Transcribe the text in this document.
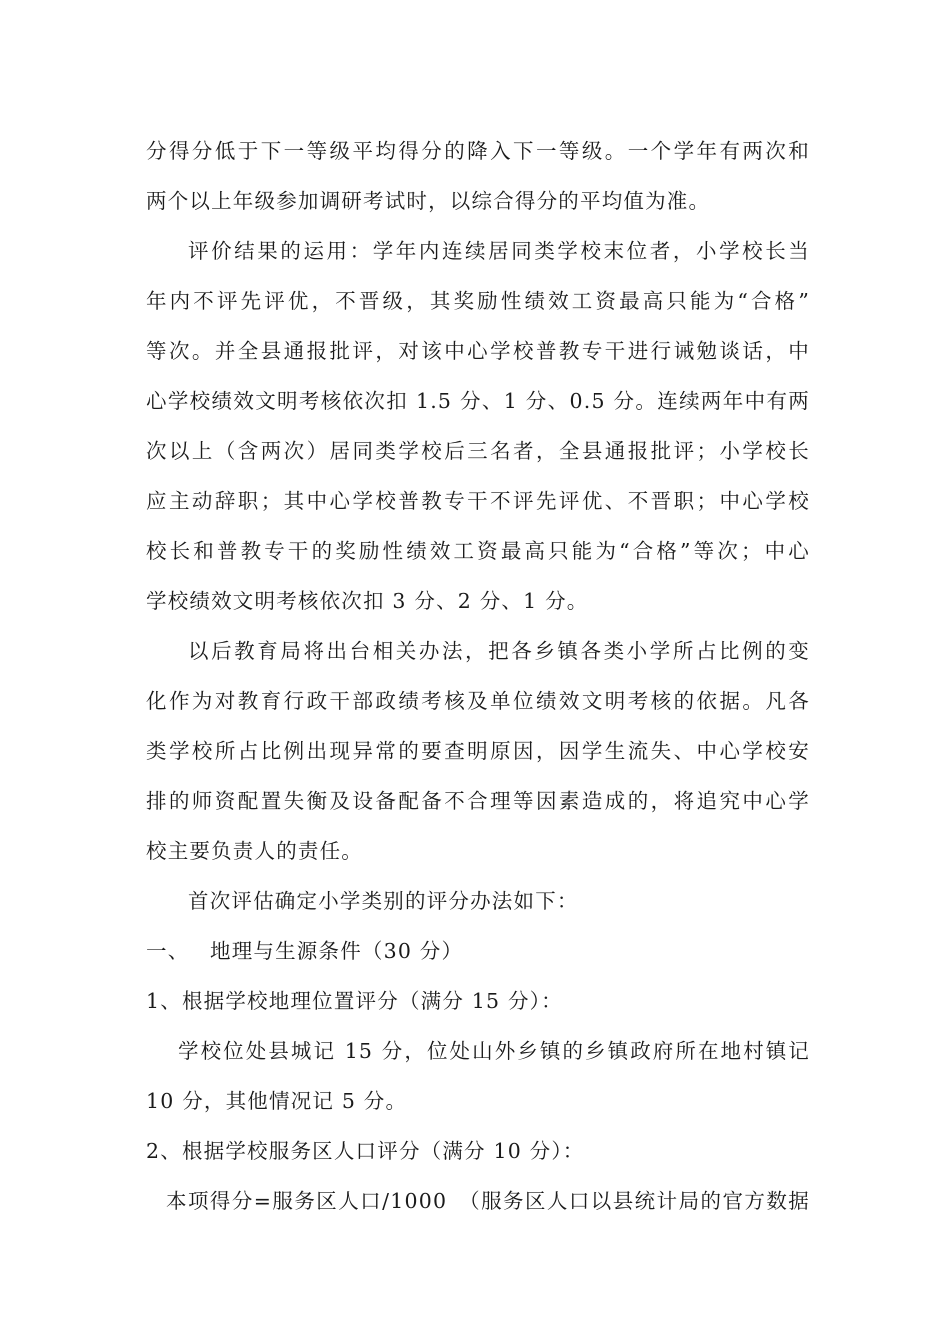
分得分低于下一等级平均得分的降入下一等级。一个学年有两次和
两个以上年级参加调研考试时，以综合得分的平均值为准。
评价结果的运用：学年内连续居同类学校末位者，小学校长当
年内不评先评优，不晋级，其奖励性绩效工资最高只能为“合格”
等次。并全县通报批评，对该中心学校普教专干进行诫勉谈话，中
心学校绩效文明考核依次扣 1.5 分、1 分、0.5 分。连续两年中有两
次以上（含两次）居同类学校后三名者，全县通报批评；小学校长
应主动辞职；其中心学校普教专干不评先评优、不晋职；中心学校
校长和普教专干的奖励性绩效工资最高只能为“合格”等次；中心
学校绩效文明考核依次扣 3 分、2 分、1 分。
以后教育局将出台相关办法，把各乡镇各类小学所占比例的变
化作为对教育行政干部政绩考核及单位绩效文明考核的依据。凡各
类学校所占比例出现异常的要查明原因，因学生流失、中心学校安
排的师资配置失衡及设备配备不合理等因素造成的，将追究中心学
校主要负责人的责任。
首次评估确定小学类别的评分办法如下：
一、 地理与生源条件（30 分）
1、根据学校地理位置评分（满分 15 分）：
学校位处县城记 15 分，位处山外乡镇的乡镇政府所在地村镇记
10 分，其他情况记 5 分。
2、根据学校服务区人口评分（满分 10 分）：
本项得分=服务区人口/1000　（服务区人口以县统计局的官方数据
